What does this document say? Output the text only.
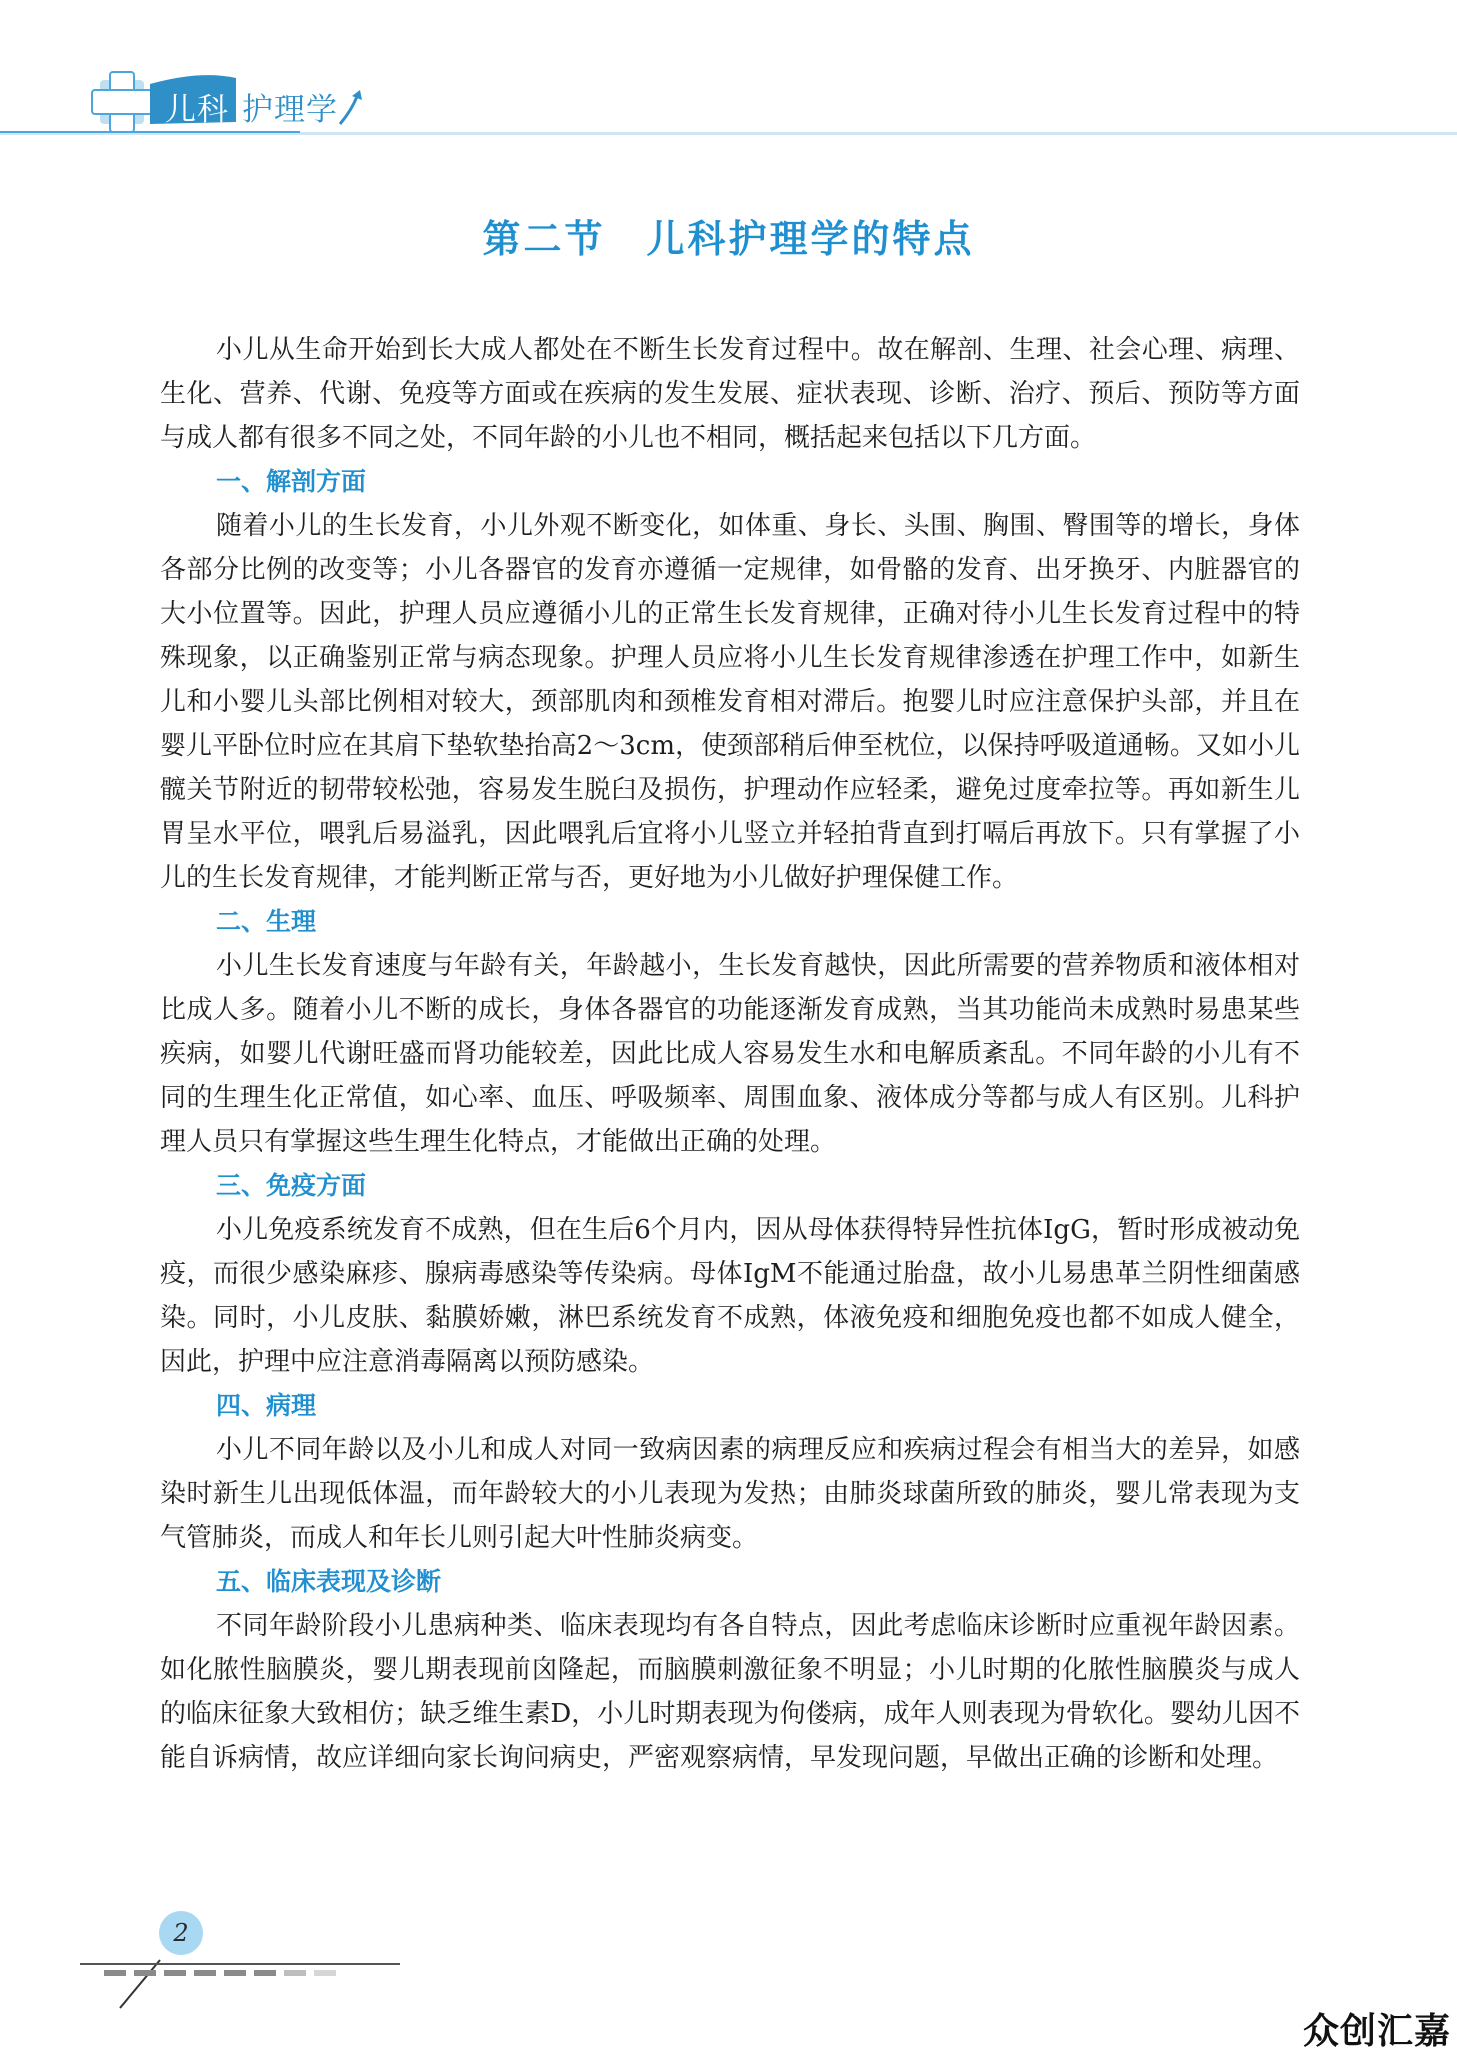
儿科 护理学
第二节　儿科护理学的特点

小儿从生命开始到长大成人都处在不断生长发育过程中。故在解剖、生理、社会心理、病理、生化、营养、代谢、免疫等方面或在疾病的发生发展、症状表现、诊断、治疗、预后、预防等方面与成人都有很多不同之处，不同年龄的小儿也不相同，概括起来包括以下几方面。

一、解剖方面

随着小儿的生长发育，小儿外观不断变化，如体重、身长、头围、胸围、臀围等的增长，身体各部分比例的改变等；小儿各器官的发育亦遵循一定规律，如骨骼的发育、出牙换牙、内脏器官的大小位置等。因此，护理人员应遵循小儿的正常生长发育规律，正确对待小儿生长发育过程中的特殊现象，以正确鉴别正常与病态现象。护理人员应将小儿生长发育规律渗透在护理工作中，如新生儿和小婴儿头部比例相对较大，颈部肌肉和颈椎发育相对滞后。抱婴儿时应注意保护头部，并且在婴儿平卧位时应在其肩下垫软垫抬高2～3cm，使颈部稍后伸至枕位，以保持呼吸道通畅。又如小儿髋关节附近的韧带较松弛，容易发生脱臼及损伤，护理动作应轻柔，避免过度牵拉等。再如新生儿胃呈水平位，喂乳后易溢乳，因此喂乳后宜将小儿竖立并轻拍背直到打嗝后再放下。只有掌握了小儿的生长发育规律，才能判断正常与否，更好地为小儿做好护理保健工作。

二、生理

小儿生长发育速度与年龄有关，年龄越小，生长发育越快，因此所需要的营养物质和液体相对比成人多。随着小儿不断的成长，身体各器官的功能逐渐发育成熟，当其功能尚未成熟时易患某些疾病，如婴儿代谢旺盛而肾功能较差，因此比成人容易发生水和电解质紊乱。不同年龄的小儿有不同的生理生化正常值，如心率、血压、呼吸频率、周围血象、液体成分等都与成人有区别。儿科护理人员只有掌握这些生理生化特点，才能做出正确的处理。

三、免疫方面

小儿免疫系统发育不成熟，但在生后6个月内，因从母体获得特异性抗体IgG，暂时形成被动免疫，而很少感染麻疹、腺病毒感染等传染病。母体IgM不能通过胎盘，故小儿易患革兰阴性细菌感染。同时，小儿皮肤、黏膜娇嫩，淋巴系统发育不成熟，体液免疫和细胞免疫也都不如成人健全，因此，护理中应注意消毒隔离以预防感染。

四、病理

小儿不同年龄以及小儿和成人对同一致病因素的病理反应和疾病过程会有相当大的差异，如感染时新生儿出现低体温，而年龄较大的小儿表现为发热；由肺炎球菌所致的肺炎，婴儿常表现为支气管肺炎，而成人和年长儿则引起大叶性肺炎病变。

五、临床表现及诊断

不同年龄阶段小儿患病种类、临床表现均有各自特点，因此考虑临床诊断时应重视年龄因素。如化脓性脑膜炎，婴儿期表现前囟隆起，而脑膜刺激征象不明显；小儿时期的化脓性脑膜炎与成人的临床征象大致相仿；缺乏维生素D，小儿时期表现为佝偻病，成年人则表现为骨软化。婴幼儿因不能自诉病情，故应详细向家长询问病史，严密观察病情，早发现问题，早做出正确的诊断和处理。

2
众创汇嘉
